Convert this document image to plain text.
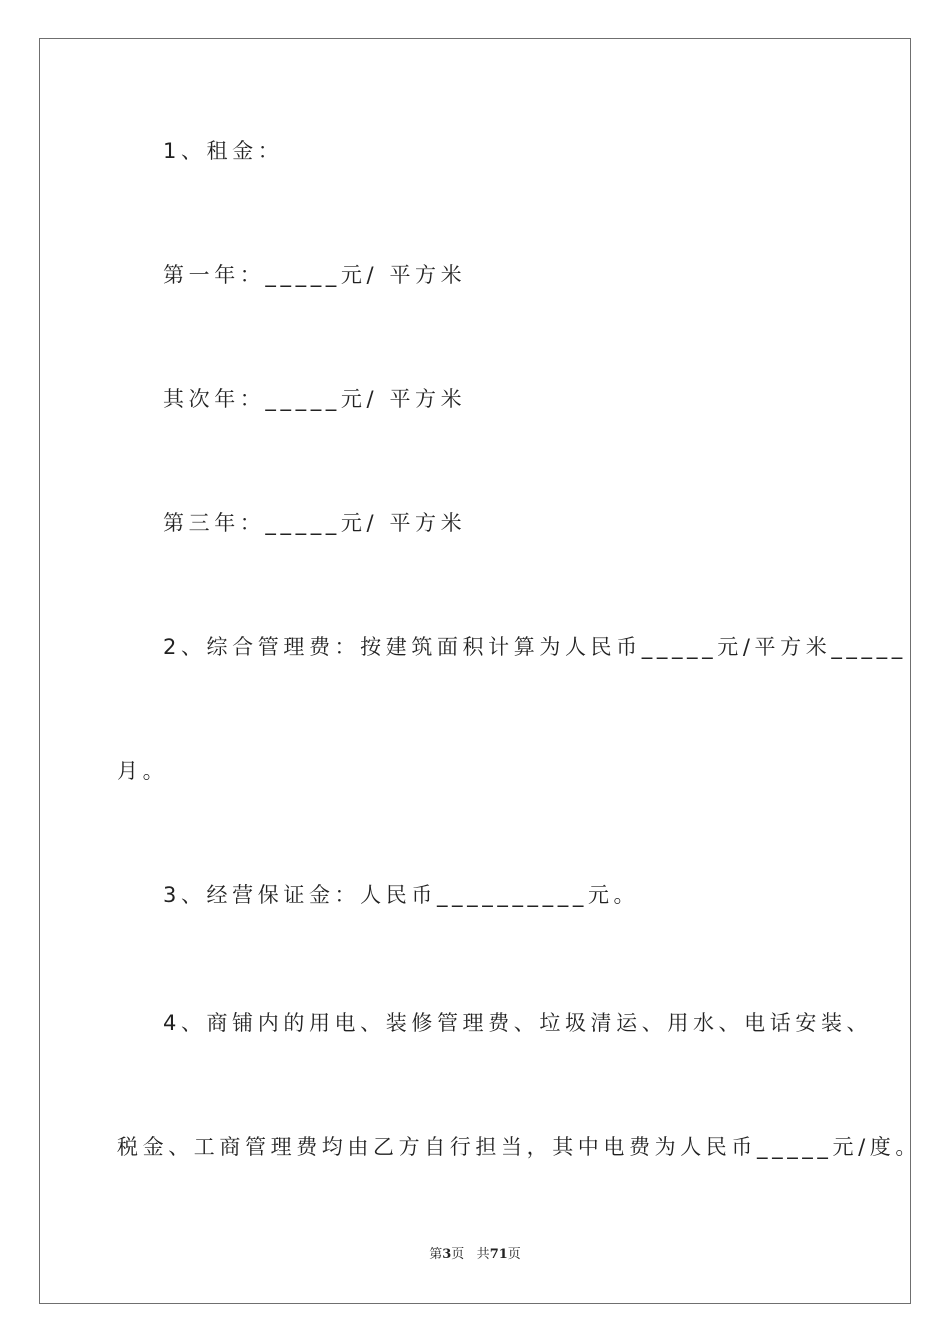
1、租金：
第一年：_____元/ 平方米
其次年：_____元/ 平方米
第三年：_____元/ 平方米
2、综合管理费：按建筑面积计算为人民币_____元/平方米_____
月。
3、经营保证金：人民币__________元。
4、商铺内的用电、装修管理费、垃圾清运、用水、电话安装、
税金、工商管理费均由乙方自行担当，其中电费为人民币_____元/度。
第3页 共71页
